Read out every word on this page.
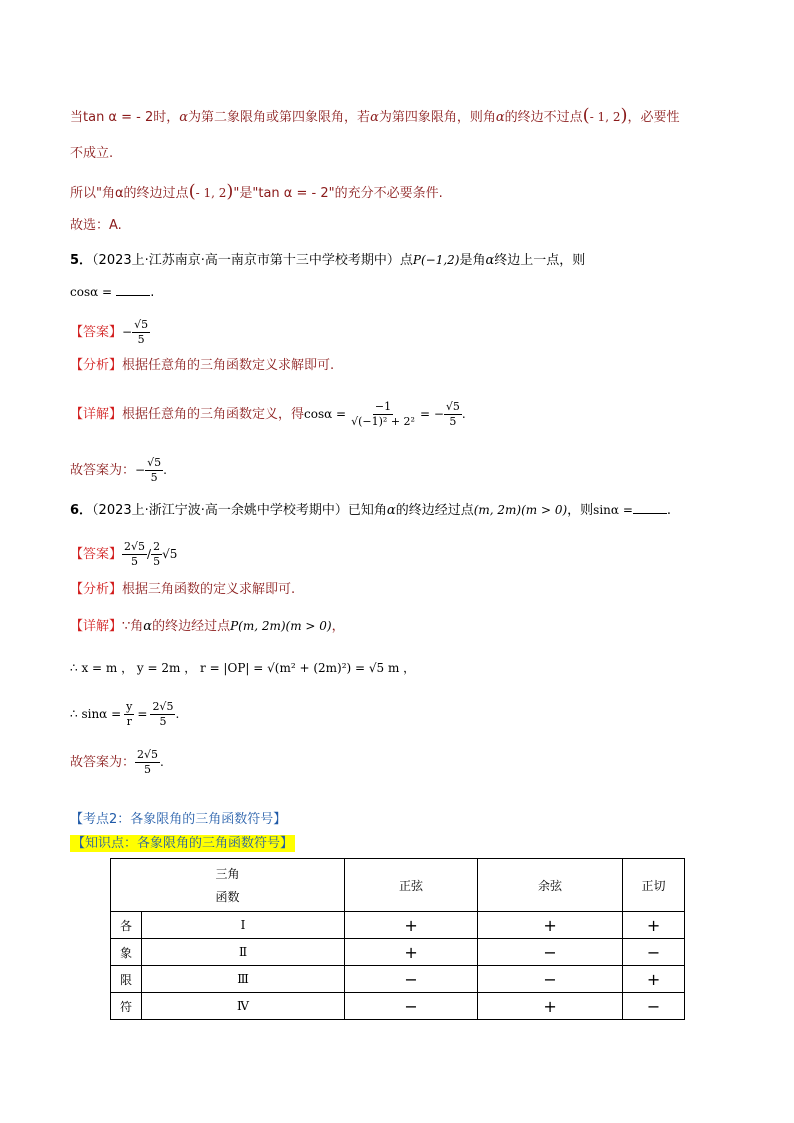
当tan α = - 2时，α为第二象限角或第四象限角，若α为第四象限角，则角α的终边不过点(- 1, 2)，必要性
不成立.
所以"角α的终边过点(- 1, 2)"是"tan α = - 2"的充分不必要条件.
故选：A.
5．（2023上·江苏南京·高一南京市第十三中学校考期中）点P(−1,2)是角α终边上一点，则
cosα =	.
【答案】− $\frac{√5}{5}$
【分析】根据任意角的三角函数定义求解即可.
【详解】根据任意角的三角函数定义，得$\cos\alpha = \frac{-1}{\text{√(−1)² + 2²}}$ = − $\frac{√5}{5}$ .
故答案为：− $\frac{√5}{5}$ .
6．（2023上·浙江宁波·高一余姚中学校考期中）已知角α的终边经过点(m, 2m)(m > 0)，则sinα =	.
【答案】 $\frac{2√5}{5} / \frac{2}{5} √5$
【分析】根据三角函数的定义求解即可.
【详解】∵角α的终边经过点P(m, 2m)(m > 0)，
∴ x = m ， y = 2m ， r = |OP| = √(m² + (2m)²) = √5 m ，
∴ $\sin\alpha = \frac{y}{r} = \frac{2√5}{5}$ .
故答案为： $\frac{2√5}{5}$ .
【考点2：各象限角的三角函数符号】
【知识点：各象限角的三角函数符号】
三角
函数		正弦	余弦	正切
各	Ⅰ	+	+	+
象	Ⅱ	+	−	−
限	Ⅲ	−	−	+
符	Ⅳ	−	+	−
